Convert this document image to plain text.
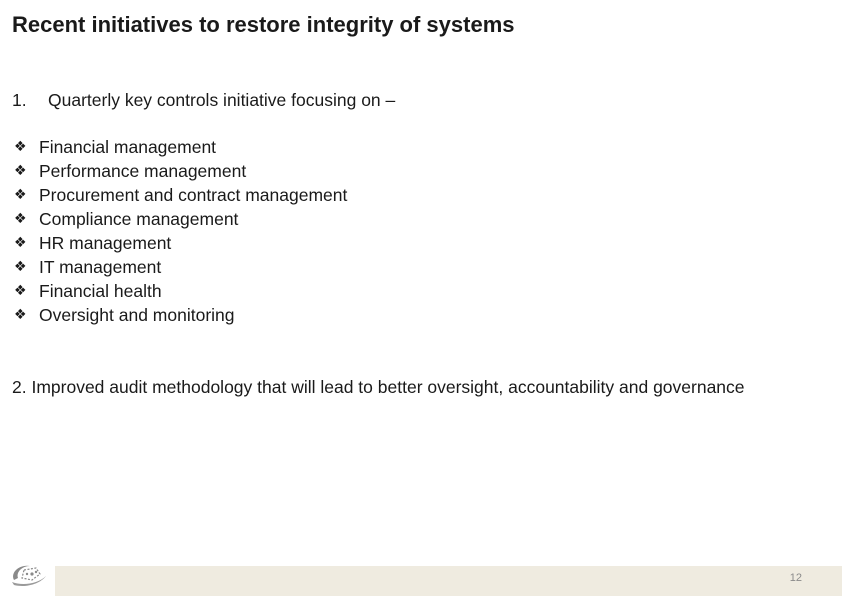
Recent initiatives to restore integrity of systems
1. Quarterly key controls initiative focusing on –
❖ Financial management
❖ Performance management
❖ Procurement and contract management
❖ Compliance management
❖ HR management
❖ IT management
❖ Financial health
❖ Oversight and monitoring
2. Improved audit methodology that will lead to better oversight, accountability and governance
12
